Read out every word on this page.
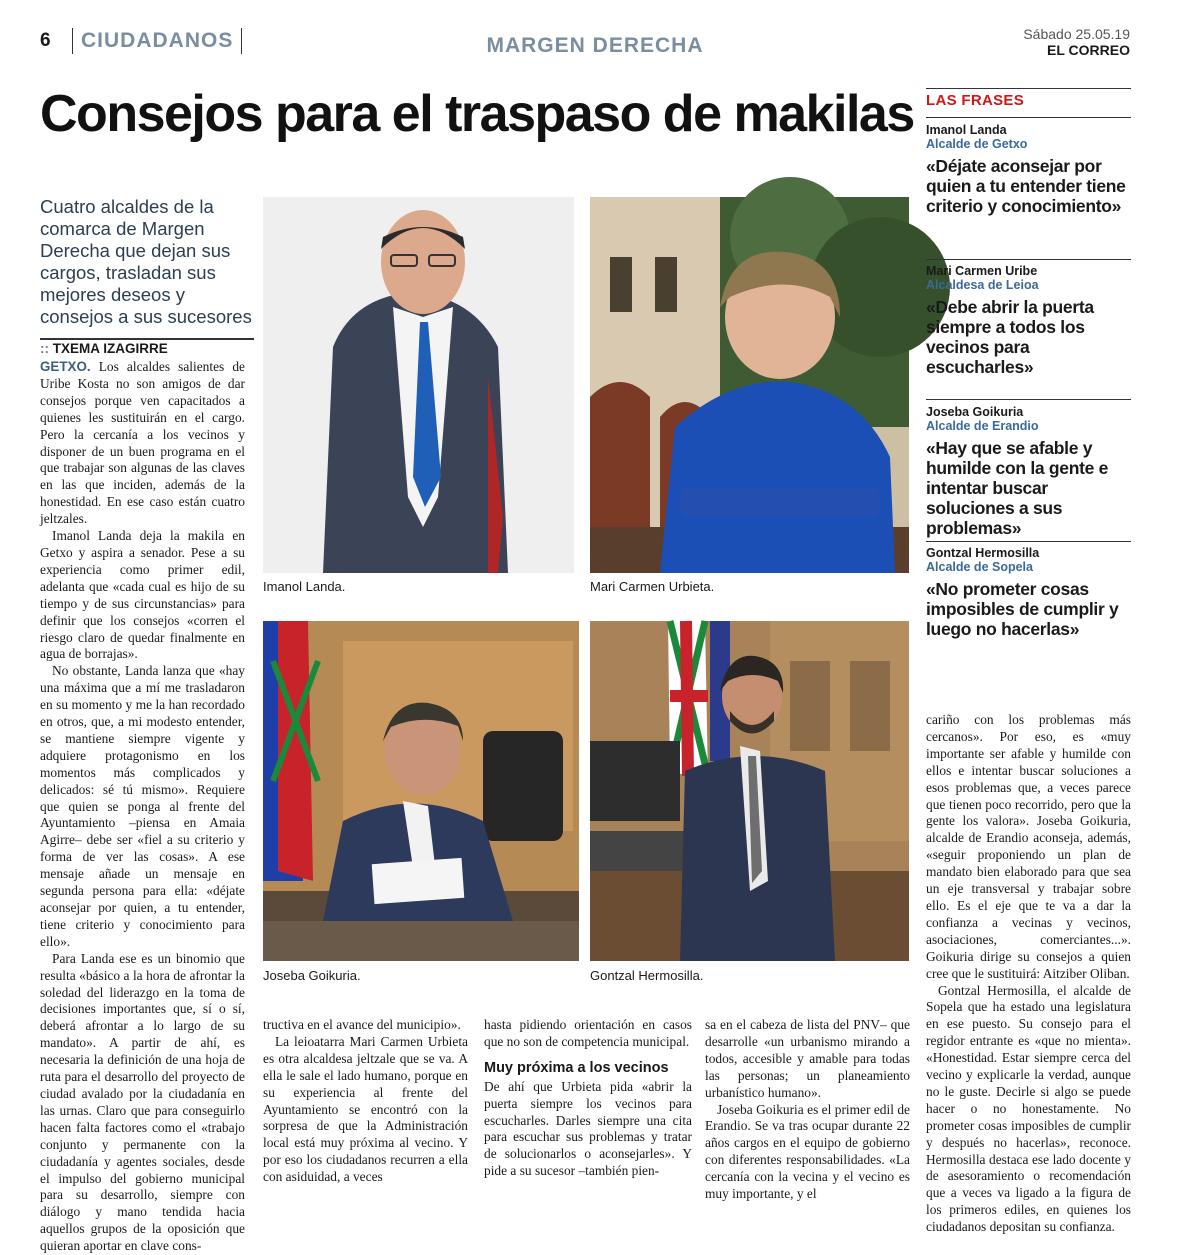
6	CIUDADANOS	MARGEN DERECHA	Sábado 25.05.19
EL CORREO
Consejos para el traspaso de makilas
Cuatro alcaldes de la comarca de Margen Derecha que dejan sus cargos, trasladan sus mejores deseos y consejos a sus sucesores
:: TXEMA IZAGIRRE

GETXO. Los alcaldes salientes de Uribe Kosta no son amigos de dar consejos porque ven capacitados a quienes les sustituirán en el cargo. Pero la cercanía a los vecinos y disponer de un buen programa en el que trabajar son algunas de las claves en las que inciden, además de la honestidad. En ese caso están cuatro jeltzales.

Imanol Landa deja la makila en Getxo y aspira a senador. Pese a su experiencia como primer edil, adelanta que «cada cual es hijo de su tiempo y de sus circunstancias» para definir que los consejos «corren el riesgo claro de quedar finalmente en agua de borrajas».

No obstante, Landa lanza que «hay una máxima que a mí me trasladaron en su momento y me la han recordado en otros, que, a mi modesto entender, se mantiene siempre vigente y adquiere protagonismo en los momentos más complicados y delicados: sé tú mismo». Requiere que quien se ponga al frente del Ayuntamiento –piensa en Amaia Agirre– debe ser «fiel a su criterio y forma de ver las cosas». A ese mensaje añade un mensaje en segunda persona para ella: «déjate aconsejar por quien, a tu entender, tiene criterio y conocimiento para ello».

Para Landa ese es un binomio que resulta «básico a la hora de afrontar la soledad del liderazgo en la toma de decisiones importantes que, sí o sí, deberá afrontar a lo largo de su mandato». A partir de ahí, es necesaria la definición de una hoja de ruta para el desarrollo del proyecto de ciudad avalado por la ciudadanía en las urnas. Claro que para conseguirlo hacen falta factores como el «trabajo conjunto y permanente con la ciudadanía y agentes sociales, desde el impulso del gobierno municipal para su desarrollo, siempre con diálogo y mano tendida hacia aquellos grupos de la oposición que quieran aportar en clave cons-

Imanol Landa.	Mari Carmen Urbieta.
Joseba Goikuria.	Gontzal Hermosilla.

tructiva en el avance del municipio».

La leioatarra Mari Carmen Urbieta es otra alcaldesa jeltzale que se va. A ella le sale el lado humano, porque en su experiencia al frente del Ayuntamiento se encontró con la sorpresa de que la Administración local está muy próxima al vecino. Y por eso los ciudadanos recurren a ella con asiduidad, a veces

hasta pidiendo orientación en casos que no son de competencia municipal.

Muy próxima a los vecinos

De ahí que Urbieta pida «abrir la puerta siempre los vecinos para escucharles. Darles siempre una cita para escuchar sus problemas y tratar de solucionarlos o aconsejarles». Y pide a su sucesor –también pien-

sa en el cabeza de lista del PNV– que desarrolle «un urbanismo mirando a todos, accesible y amable para todas las personas; un planeamiento urbanístico humano».

Joseba Goikuria es el primer edil de Erandio. Se va tras ocupar durante 22 años cargos en el equipo de gobierno con diferentes responsabilidades. «La cercanía con la vecina y el vecino es muy importante, y el

cariño con los problemas más cercanos». Por eso, es «muy importante ser afable y humilde con ellos e intentar buscar soluciones a esos problemas que, a veces parece que tienen poco recorrido, pero que la gente los valora». Joseba Goikuria, alcalde de Erandio aconseja, además, «seguir proponiendo un plan de mandato bien elaborado para que sea un eje transversal y trabajar sobre ello. Es el eje que te va a dar la confianza a vecinas y vecinos, asociaciones, comerciantes...». Goikuria dirige su consejos a quien cree que le sustituirá: Aitziber Oliban.

Gontzal Hermosilla, el alcalde de Sopela que ha estado una legislatura en ese puesto. Su consejo para el regidor entrante es «que no mienta». «Honestidad. Estar siempre cerca del vecino y explicarle la verdad, aunque no le guste. Decirle si algo se puede hacer o no honestamente. No prometer cosas imposibles de cumplir y después no hacerlas», reconoce. Hermosilla destaca ese lado docente y de asesoramiento o recomendación que a veces va ligado a la figura de los primeros ediles, en quienes los ciudadanos depositan su confianza.

LAS FRASES
Imanol Landa
Alcalde de Getxo
«Déjate aconsejar por quien a tu entender tiene criterio y conocimiento»
Mari Carmen Uribe
Alcaldesa de Leioa
«Debe abrir la puerta siempre a todos los vecinos para escucharles»
Joseba Goikuria
Alcalde de Erandio
«Hay que se afable y humilde con la gente e intentar buscar soluciones a sus problemas»
Gontzal Hermosilla
Alcalde de Sopela
«No prometer cosas imposibles de cumplir y luego no hacerlas»
